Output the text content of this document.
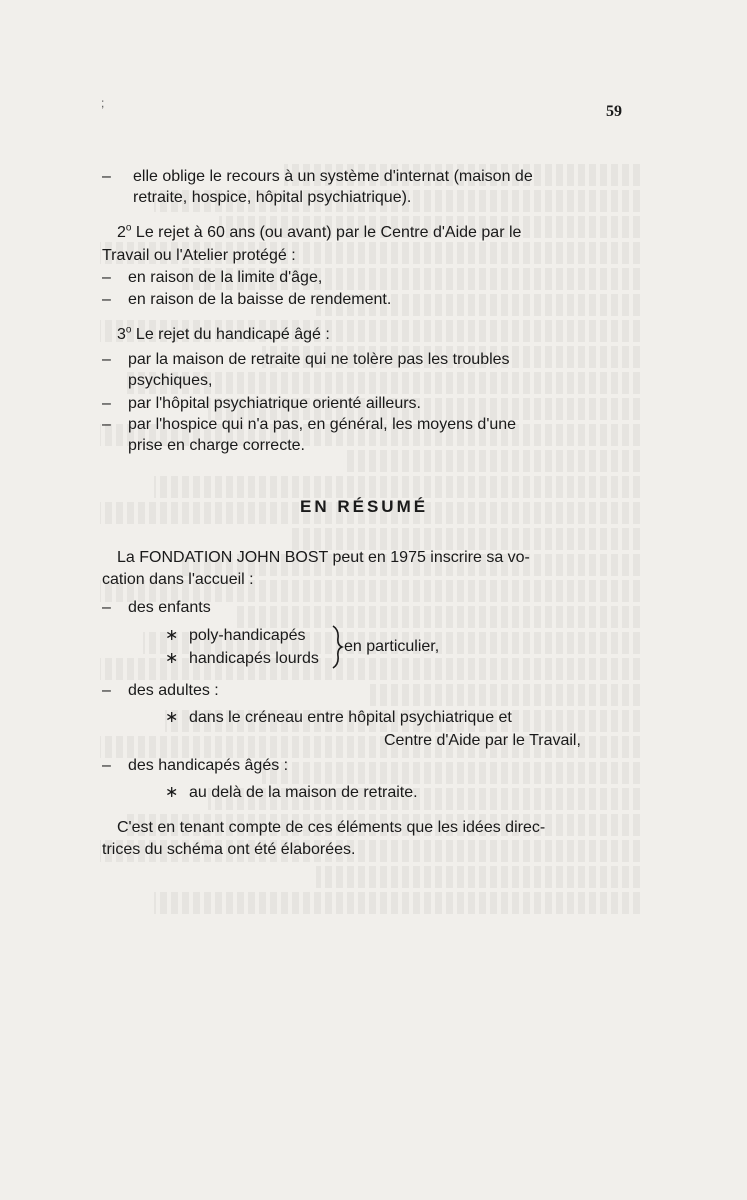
;	59
– elle oblige le recours à un système d'internat (maison de
retraite, hospice, hôpital psychiatrique).
2$^o$ Le rejet à 60 ans (ou avant) par le Centre d'Aide par le
Travail ou l'Atelier protégé :
– en raison de la limite d'âge,
– en raison de la baisse de rendement.
3$^o$ Le rejet du handicapé âgé :
– par la maison de retraite qui ne tolère pas les troubles
psychiques,
– par l'hôpital psychiatrique orienté ailleurs.
– par l'hospice qui n'a pas, en général, les moyens d'une
prise en charge correcte.
EN RÉSUMÉ
La FONDATION JOHN BOST peut en 1975 inscrire sa vo-
cation dans l'accueil :
– des enfants
∗ poly-handicapés
∗ handicapés lourds
en particulier,
– des adultes :
∗ dans le créneau entre hôpital psychiatrique et
Centre d'Aide par le Travail,
– des handicapés âgés :
∗ au delà de la maison de retraite.
C'est en tenant compte de ces éléments que les idées direc-
trices du schéma ont été élaborées.
